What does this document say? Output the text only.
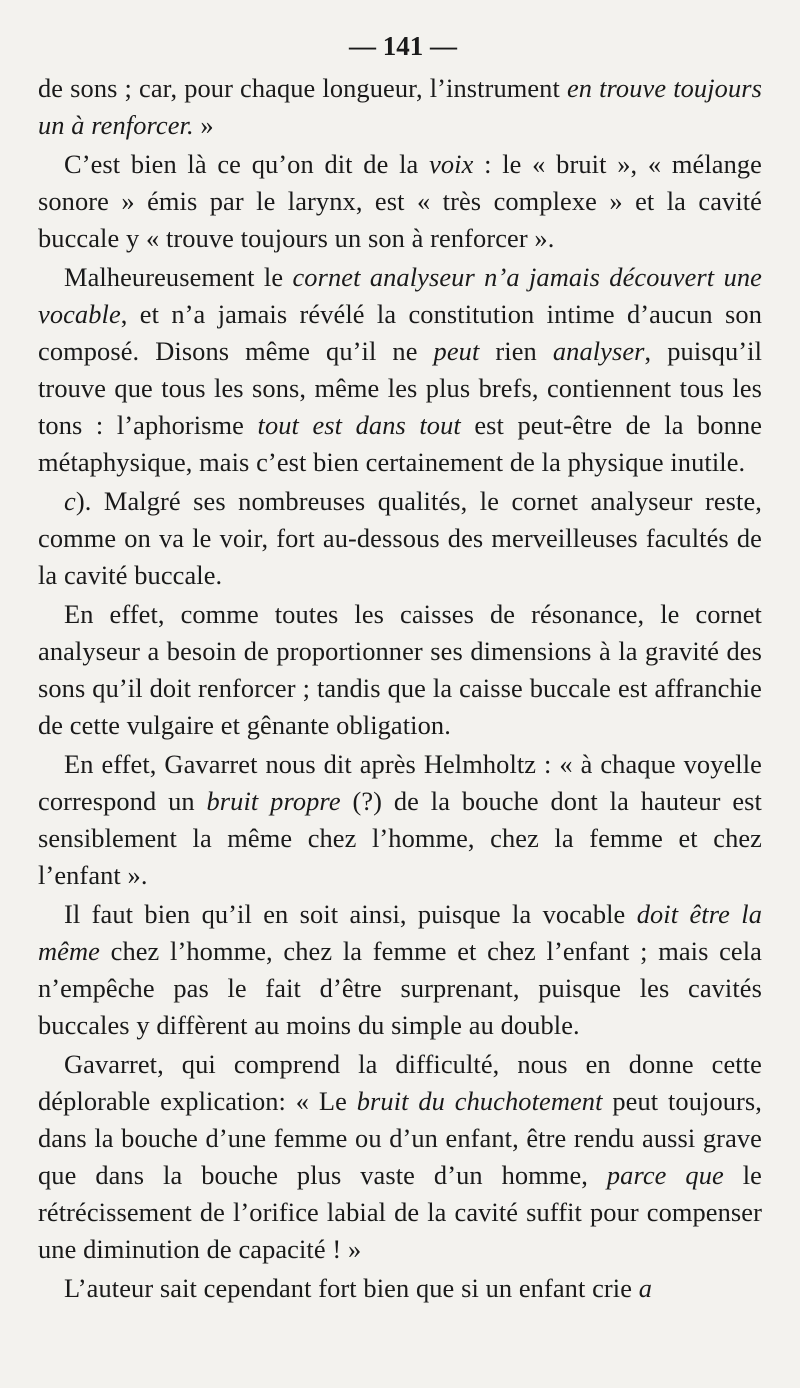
— 141 —

de sons ; car, pour chaque longueur, l’instrument en trouve toujours un à renforcer. »

C’est bien là ce qu’on dit de la voix : le « bruit », « mélange sonore » émis par le larynx, est « très complexe » et la cavité buccale y « trouve toujours un son à renforcer ».

Malheureusement le cornet analyseur n’a jamais découvert une vocable, et n’a jamais révélé la constitution intime d’aucun son composé. Disons même qu’il ne peut rien analyser, puisqu’il trouve que tous les sons, même les plus brefs, contiennent tous les tons : l’aphorisme tout est dans tout est peut-être de la bonne métaphysique, mais c’est bien certainement de la physique inutile.

c). Malgré ses nombreuses qualités, le cornet analyseur reste, comme on va le voir, fort au-dessous des merveilleuses facultés de la cavité buccale.

En effet, comme toutes les caisses de résonance, le cornet analyseur a besoin de proportionner ses dimensions à la gravité des sons qu’il doit renforcer ; tandis que la caisse buccale est affranchie de cette vulgaire et gênante obligation.

En effet, Gavarret nous dit après Helmholtz : « à chaque voyelle correspond un bruit propre (?) de la bouche dont la hauteur est sensiblement la même chez l’homme, chez la femme et chez l’enfant ».

Il faut bien qu’il en soit ainsi, puisque la vocable doit être la même chez l’homme, chez la femme et chez l’enfant ; mais cela n’empêche pas le fait d’être surprenant, puisque les cavités buccales y diffèrent au moins du simple au double.

Gavarret, qui comprend la difficulté, nous en donne cette déplorable explication: « Le bruit du chuchotement peut toujours, dans la bouche d’une femme ou d’un enfant, être rendu aussi grave que dans la bouche plus vaste d’un homme, parce que le rétrécissement de l’orifice labial de la cavité suffit pour compenser une diminution de capacité ! »

L’auteur sait cependant fort bien que si un enfant crie a
